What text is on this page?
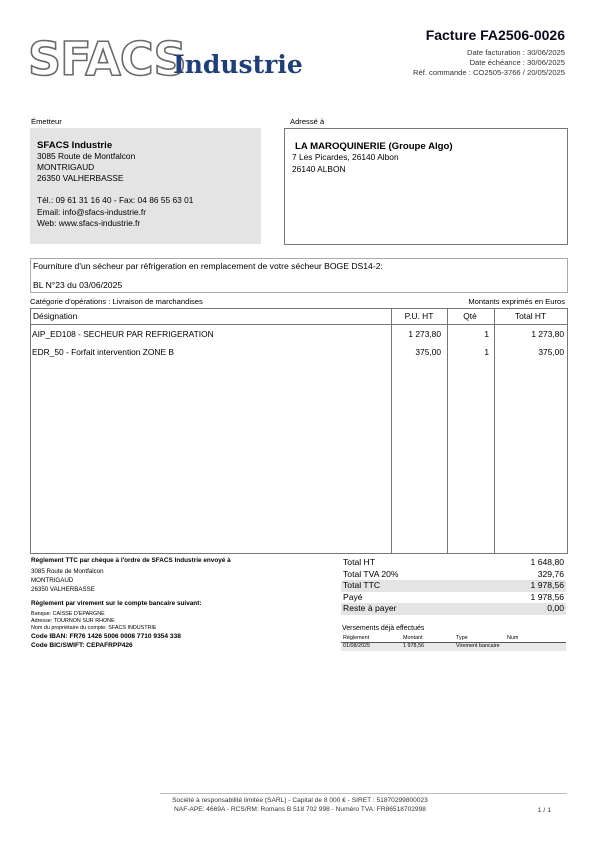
SFACS
Industrie
Facture FA2506-0026
Date facturation : 30/06/2025
Date échéance : 30/06/2025
Réf. commande : CO2505-3766 / 20/05/2025
Émetteur
SFACS Industrie
3085 Route de Montfalcon
MONTRIGAUD
26350 VALHERBASSE
Tél.: 09 61 31 16 40 - Fax: 04 86 55 63 01
Email: info@sfacs-industrie.fr
Web: www.sfacs-industrie.fr
Adressé à
LA MAROQUINERIE (Groupe Algo)
7 Les Picardes, 26140 Albon
26140 ALBON
Fourniture d'un sécheur par réfrigeration en remplacement de votre sécheur BOGE DS14-2:
BL N°23 du 03/06/2025
Catégorie d'opérations : Livraison de marchandises	Montants exprimés en Euros
Désignation	P.U. HT	Qté	Total HT
AIP_ED108 - SECHEUR PAR REFRIGERATION	1 273,80	1	1 273,80
EDR_50 - Forfait intervention ZONE B	375,00	1	375,00
Règlement TTC par chèque à l'ordre de SFACS Industrie envoyé à
3085 Route de Montfalcon
MONTRIGAUD
26350 VALHERBASSE
Règlement par virement sur le compte bancaire suivant:
Banque: CAISSE D'EPARGNE
Adresse: TOURNON SUR RHONE
Nom du propriétaire du compte: SFACS INDUSTRIE
Code IBAN: FR76 1426 5006 0008 7710 9354 338
Code BIC/SWIFT: CEPAFRPP426
Total HT	1 648,80
Total TVA 20%	329,76
Total TTC	1 978,56
Payé	1 978,56
Reste à payer	0,00
Versements déjà effectués
Règlement	Montant	Type	Num
01/08/2025	1 978,56	Virement bancaire
Société à responsabilité limitée (SARL) - Capital de 8 000 € - SIRET : 51870299800023
NAF-APE: 4669A - RCS/RM: Romans B 518 702 998 - Numéro TVA: FR86518702998	1 / 1
